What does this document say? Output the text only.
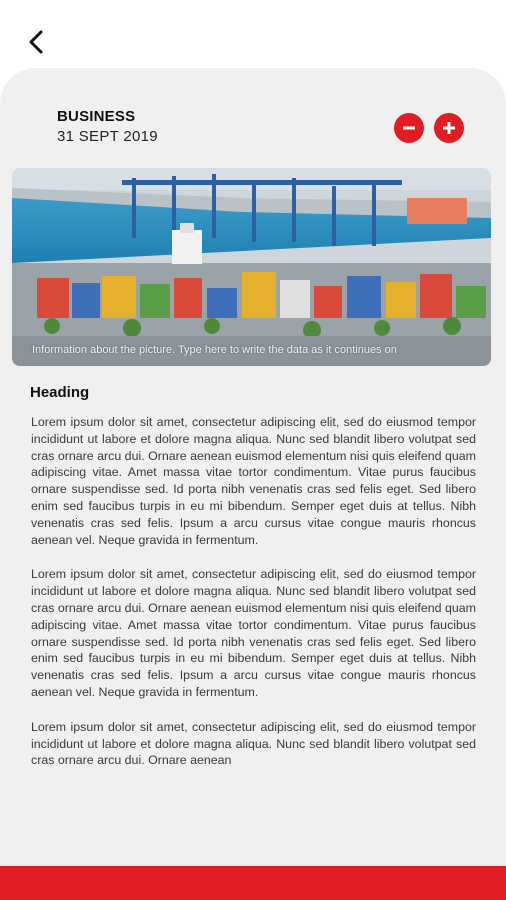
BUSINESS
31 SEPT 2019
Information about the picture. Type here to write the data as it continues on
Heading

Lorem ipsum dolor sit amet, consectetur adipiscing elit, sed do eiusmod tempor incididunt ut labore et dolore magna aliqua. Nunc sed blandit libero volutpat sed cras ornare arcu dui. Ornare aenean euismod elementum nisi quis eleifend quam adipiscing vitae. Amet massa vitae tortor condimentum. Vitae purus faucibus ornare suspendisse sed. Id porta nibh venenatis cras sed felis eget. Sed libero enim sed faucibus turpis in eu mi bibendum. Semper eget duis at tellus. Nibh venenatis cras sed felis. Ipsum a arcu cursus vitae congue mauris rhoncus aenean vel. Neque gravida in fermentum.

Lorem ipsum dolor sit amet, consectetur adipiscing elit, sed do eiusmod tempor incididunt ut labore et dolore magna aliqua. Nunc sed blandit libero volutpat sed cras ornare arcu dui. Ornare aenean euismod elementum nisi quis eleifend quam adipiscing vitae. Amet massa vitae tortor condimentum. Vitae purus faucibus ornare suspendisse sed. Id porta nibh venenatis cras sed felis eget. Sed libero enim sed faucibus turpis in eu mi bibendum. Semper eget duis at tellus. Nibh venenatis cras sed felis. Ipsum a arcu cursus vitae congue mauris rhoncus aenean vel. Neque gravida in fermentum.

Lorem ipsum dolor sit amet, consectetur adipiscing elit, sed do eiusmod tempor incididunt ut labore et dolore magna aliqua. Nunc sed blandit libero volutpat sed cras ornare arcu dui. Ornare aenean
